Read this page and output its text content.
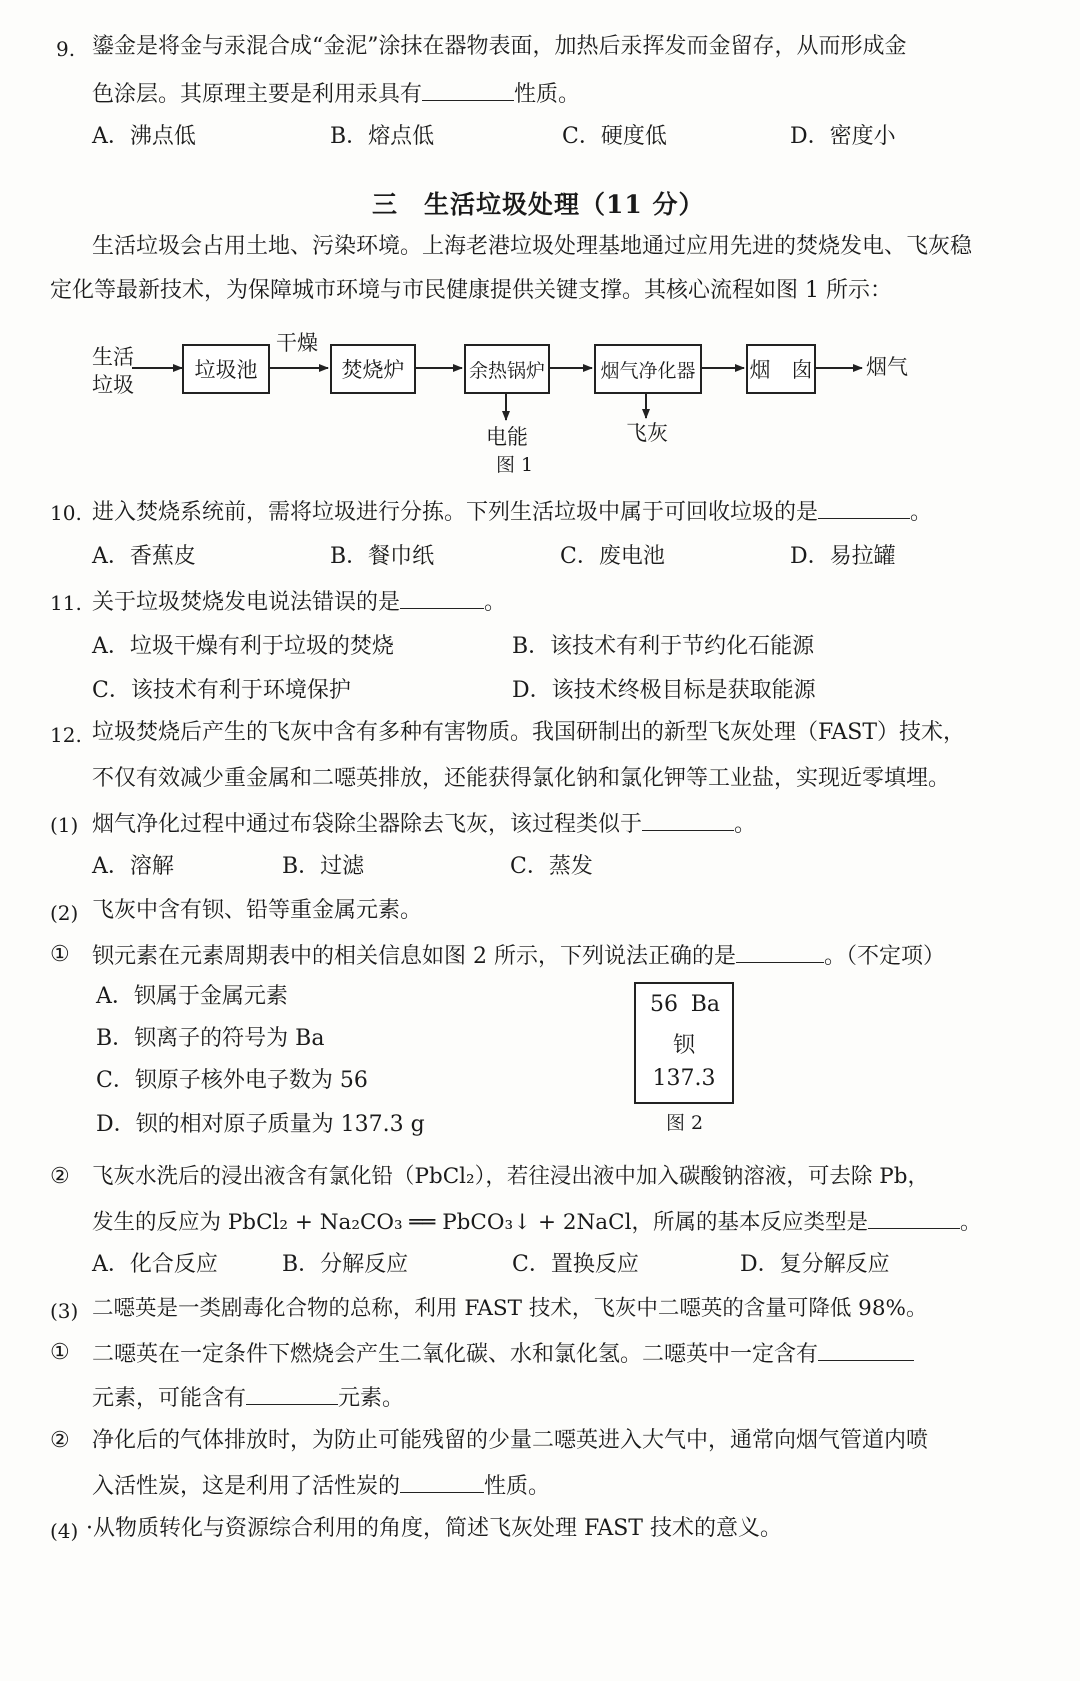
9. 鎏金是将金与汞混合成“金泥”涂抹在器物表面，加热后汞挥发而金留存，从而形成金
色涂层。其原理主要是利用汞具有	性质。
A．沸点低	B．熔点低	C．硬度低	D．密度小
三　生活垃圾处理（11 分）
生活垃圾会占用土地、污染环境。上海老港垃圾处理基地通过应用先进的焚烧发电、飞灰稳
定化等最新技术，为保障城市环境与市民健康提供关键支撑。其核心流程如图 1 所示：
生活
垃圾
垃圾池
干燥
焚烧炉	余热锅炉	烟气净化器	烟　囱	烟气
电能	飞灰
图 1
10. 进入焚烧系统前，需将垃圾进行分拣。下列生活垃圾中属于可回收垃圾的是	。
A．香蕉皮	B．餐巾纸	C．废电池	D．易拉罐
11. 关于垃圾焚烧发电说法错误的是	。
A．垃圾干燥有利于垃圾的焚烧	B．该技术有利于节约化石能源
C．该技术有利于环境保护	D．该技术终极目标是获取能源
12. 垃圾焚烧后产生的飞灰中含有多种有害物质。我国研制出的新型飞灰处理（FAST）技术，
不仅有效减少重金属和二噁英排放，还能获得氯化钠和氯化钾等工业盐，实现近零填埋。
(1) 烟气净化过程中通过布袋除尘器除去飞灰，该过程类似于	。
A．溶解	B．过滤	C．蒸发
(2) 飞灰中含有钡、铅等重金属元素。
① 钡元素在元素周期表中的相关信息如图 2 所示，下列说法正确的是	。（不定项）
A．钡属于金属元素
B．钡离子的符号为 Ba
C．钡原子核外电子数为 56
D．钡的相对原子质量为 137.3 g
56 Ba
钡
137.3
图 2
② 飞灰水洗后的浸出液含有氯化铅（PbCl₂），若往浸出液中加入碳酸钠溶液，可去除 Pb，
发生的反应为 PbCl₂ + Na₂CO₃ ══ PbCO₃↓ + 2NaCl，所属的基本反应类型是	。
A．化合反应	B．分解反应	C．置换反应	D．复分解反应
(3) 二噁英是一类剧毒化合物的总称，利用 FAST 技术，飞灰中二噁英的含量可降低 98%。
① 二噁英在一定条件下燃烧会产生二氧化碳、水和氯化氢。二噁英中一定含有
元素，可能含有	元素。
② 净化后的气体排放时，为防止可能残留的少量二噁英进入大气中，通常向烟气管道内喷
入活性炭，这是利用了活性炭的	性质。
(4) ·从物质转化与资源综合利用的角度，简述飞灰处理 FAST 技术的意义。
